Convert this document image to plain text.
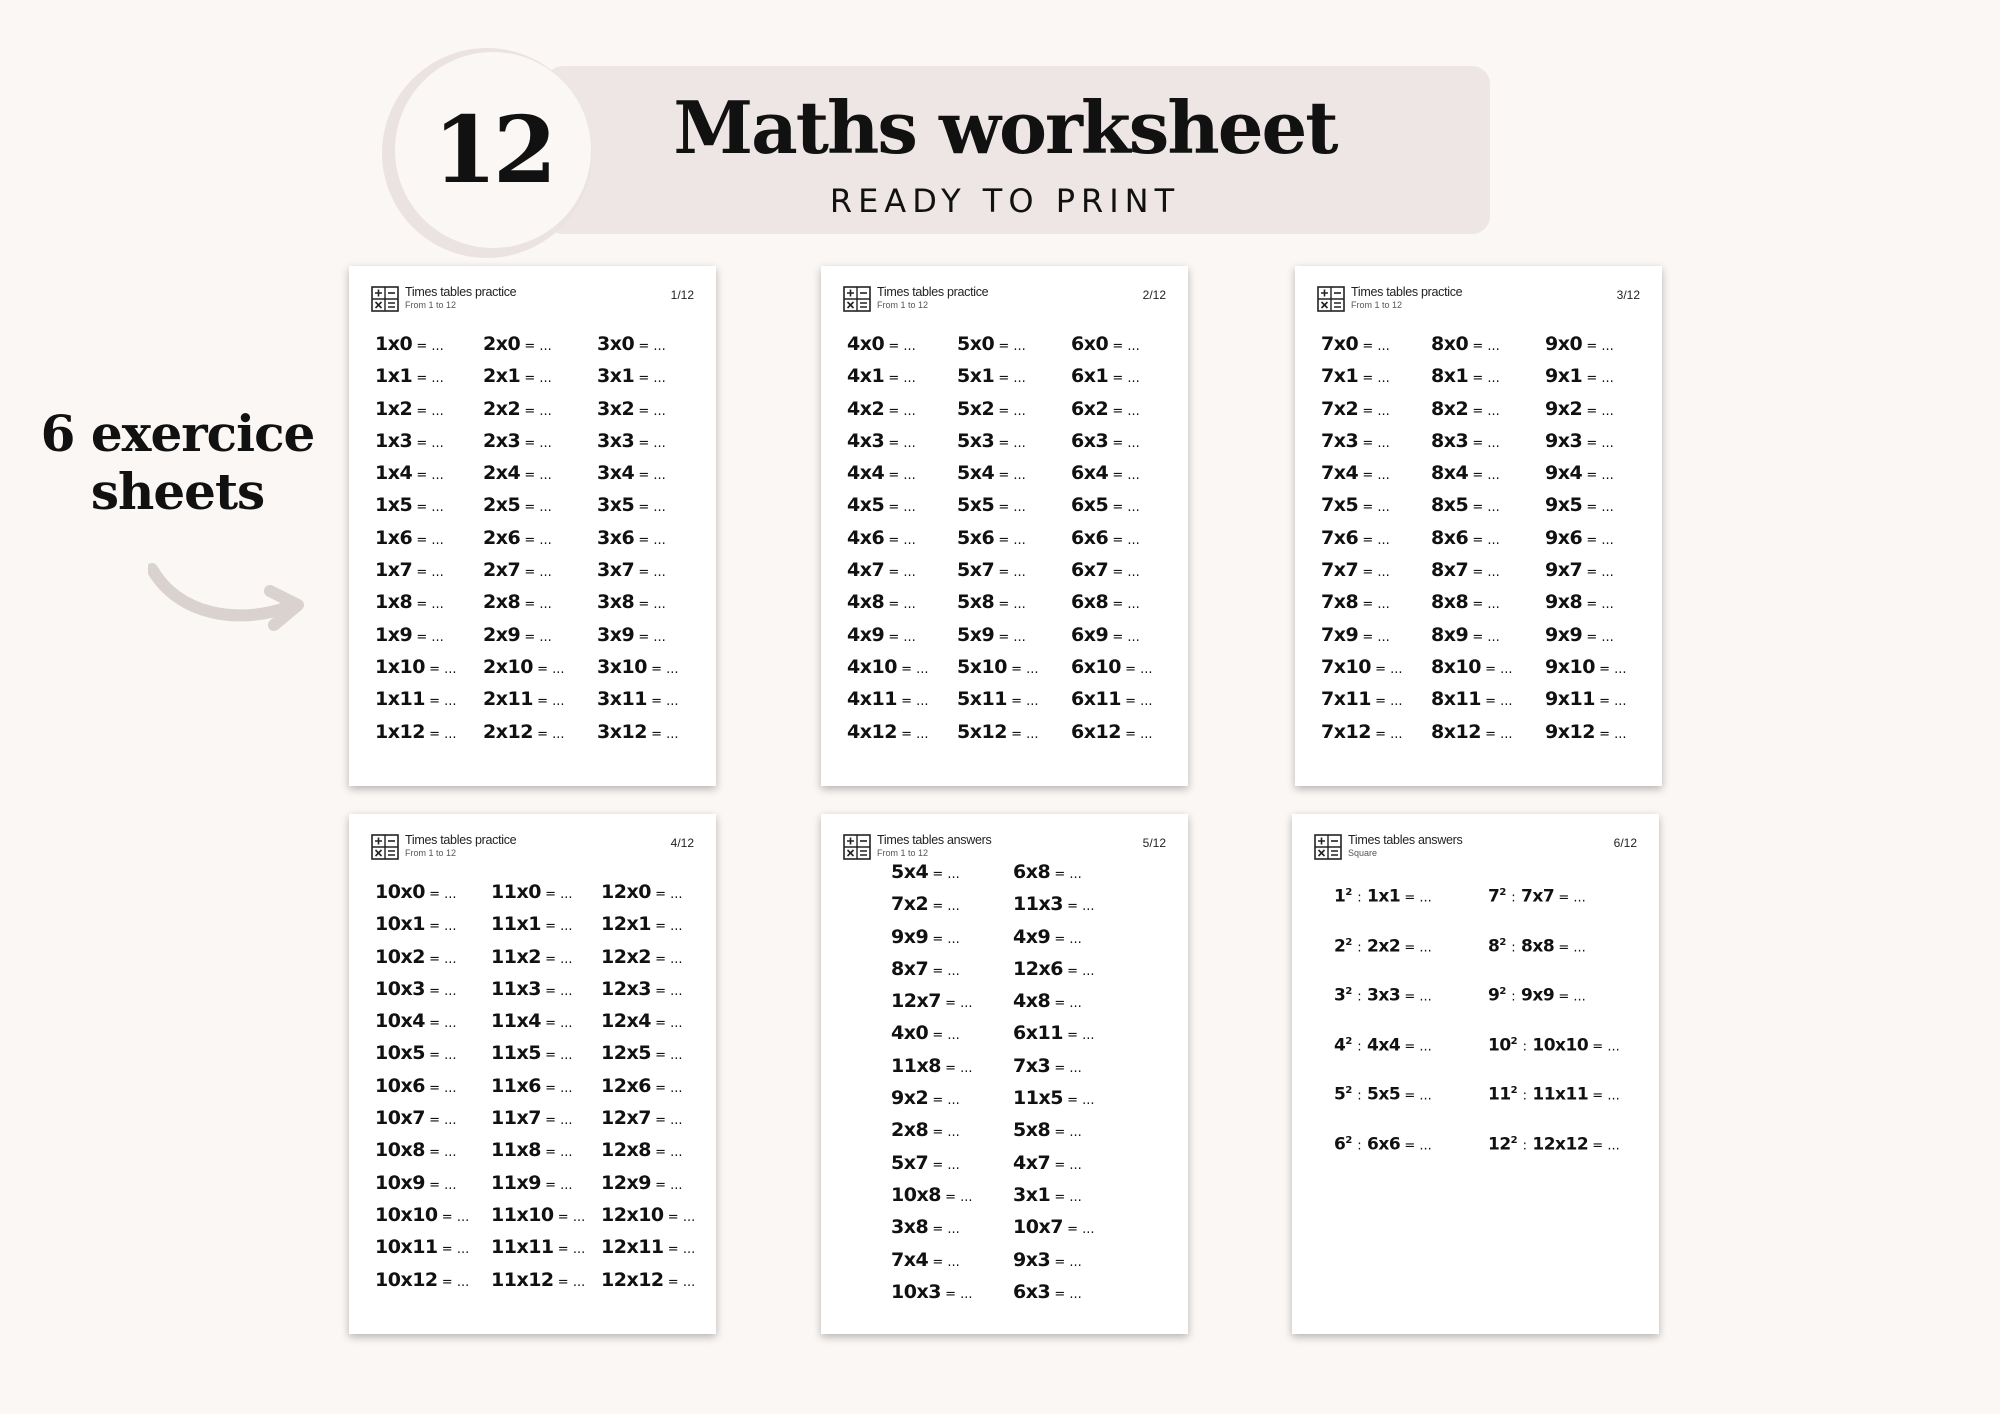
12	Maths worksheet
READY TO PRINT
6 exercice
sheets
Times tables practice
From 1 to 12
1/12
1x0 = ...
1x1 = ...
1x2 = ...
1x3 = ...
1x4 = ...
1x5 = ...
1x6 = ...
1x7 = ...
1x8 = ...
1x9 = ...
1x10 = ...
1x11 = ...
1x12 = ...
2x0 = ...
2x1 = ...
2x2 = ...
2x3 = ...
2x4 = ...
2x5 = ...
2x6 = ...
2x7 = ...
2x8 = ...
2x9 = ...
2x10 = ...
2x11 = ...
2x12 = ...
3x0 = ...
3x1 = ...
3x2 = ...
3x3 = ...
3x4 = ...
3x5 = ...
3x6 = ...
3x7 = ...
3x8 = ...
3x9 = ...
3x10 = ...
3x11 = ...
3x12 = ...
Times tables practice
From 1 to 12
2/12
4x0 = ...
4x1 = ...
4x2 = ...
4x3 = ...
4x4 = ...
4x5 = ...
4x6 = ...
4x7 = ...
4x8 = ...
4x9 = ...
4x10 = ...
4x11 = ...
4x12 = ...
5x0 = ...
5x1 = ...
5x2 = ...
5x3 = ...
5x4 = ...
5x5 = ...
5x6 = ...
5x7 = ...
5x8 = ...
5x9 = ...
5x10 = ...
5x11 = ...
5x12 = ...
6x0 = ...
6x1 = ...
6x2 = ...
6x3 = ...
6x4 = ...
6x5 = ...
6x6 = ...
6x7 = ...
6x8 = ...
6x9 = ...
6x10 = ...
6x11 = ...
6x12 = ...
Times tables practice
From 1 to 12
3/12
7x0 = ...
7x1 = ...
7x2 = ...
7x3 = ...
7x4 = ...
7x5 = ...
7x6 = ...
7x7 = ...
7x8 = ...
7x9 = ...
7x10 = ...
7x11 = ...
7x12 = ...
8x0 = ...
8x1 = ...
8x2 = ...
8x3 = ...
8x4 = ...
8x5 = ...
8x6 = ...
8x7 = ...
8x8 = ...
8x9 = ...
8x10 = ...
8x11 = ...
8x12 = ...
9x0 = ...
9x1 = ...
9x2 = ...
9x3 = ...
9x4 = ...
9x5 = ...
9x6 = ...
9x7 = ...
9x8 = ...
9x9 = ...
9x10 = ...
9x11 = ...
9x12 = ...
Times tables practice
From 1 to 12
4/12
10x0 = ...
10x1 = ...
10x2 = ...
10x3 = ...
10x4 = ...
10x5 = ...
10x6 = ...
10x7 = ...
10x8 = ...
10x9 = ...
10x10 = ...
10x11 = ...
10x12 = ...
11x0 = ...
11x1 = ...
11x2 = ...
11x3 = ...
11x4 = ...
11x5 = ...
11x6 = ...
11x7 = ...
11x8 = ...
11x9 = ...
11x10 = ...
11x11 = ...
11x12 = ...
12x0 = ...
12x1 = ...
12x2 = ...
12x3 = ...
12x4 = ...
12x5 = ...
12x6 = ...
12x7 = ...
12x8 = ...
12x9 = ...
12x10 = ...
12x11 = ...
12x12 = ...
Times tables answers
From 1 to 12
5/12
5x4 = ...
7x2 = ...
9x9 = ...
8x7 = ...
12x7 = ...
4x0 = ...
11x8 = ...
9x2 = ...
2x8 = ...
5x7 = ...
10x8 = ...
3x8 = ...
7x4 = ...
10x3 = ...
6x8 = ...
11x3 = ...
4x9 = ...
12x6 = ...
4x8 = ...
6x11 = ...
7x3 = ...
11x5 = ...
5x8 = ...
4x7 = ...
3x1 = ...
10x7 = ...
9x3 = ...
6x3 = ...
Times tables answers
Square
6/12
$1^2$ : 1x1 = ...
$2^2$ : 2x2 = ...
$3^2$ : 3x3 = ...
$4^2$ : 4x4 = ...
$5^2$ : 5x5 = ...
$6^2$ : 6x6 = ...
$7^2$ : 7x7 = ...
$8^2$ : 8x8 = ...
$9^2$ : 9x9 = ...
$10^2$ : 10x10 = ...
$11^2$ : 11x11 = ...
$12^2$ : 12x12 = ...
